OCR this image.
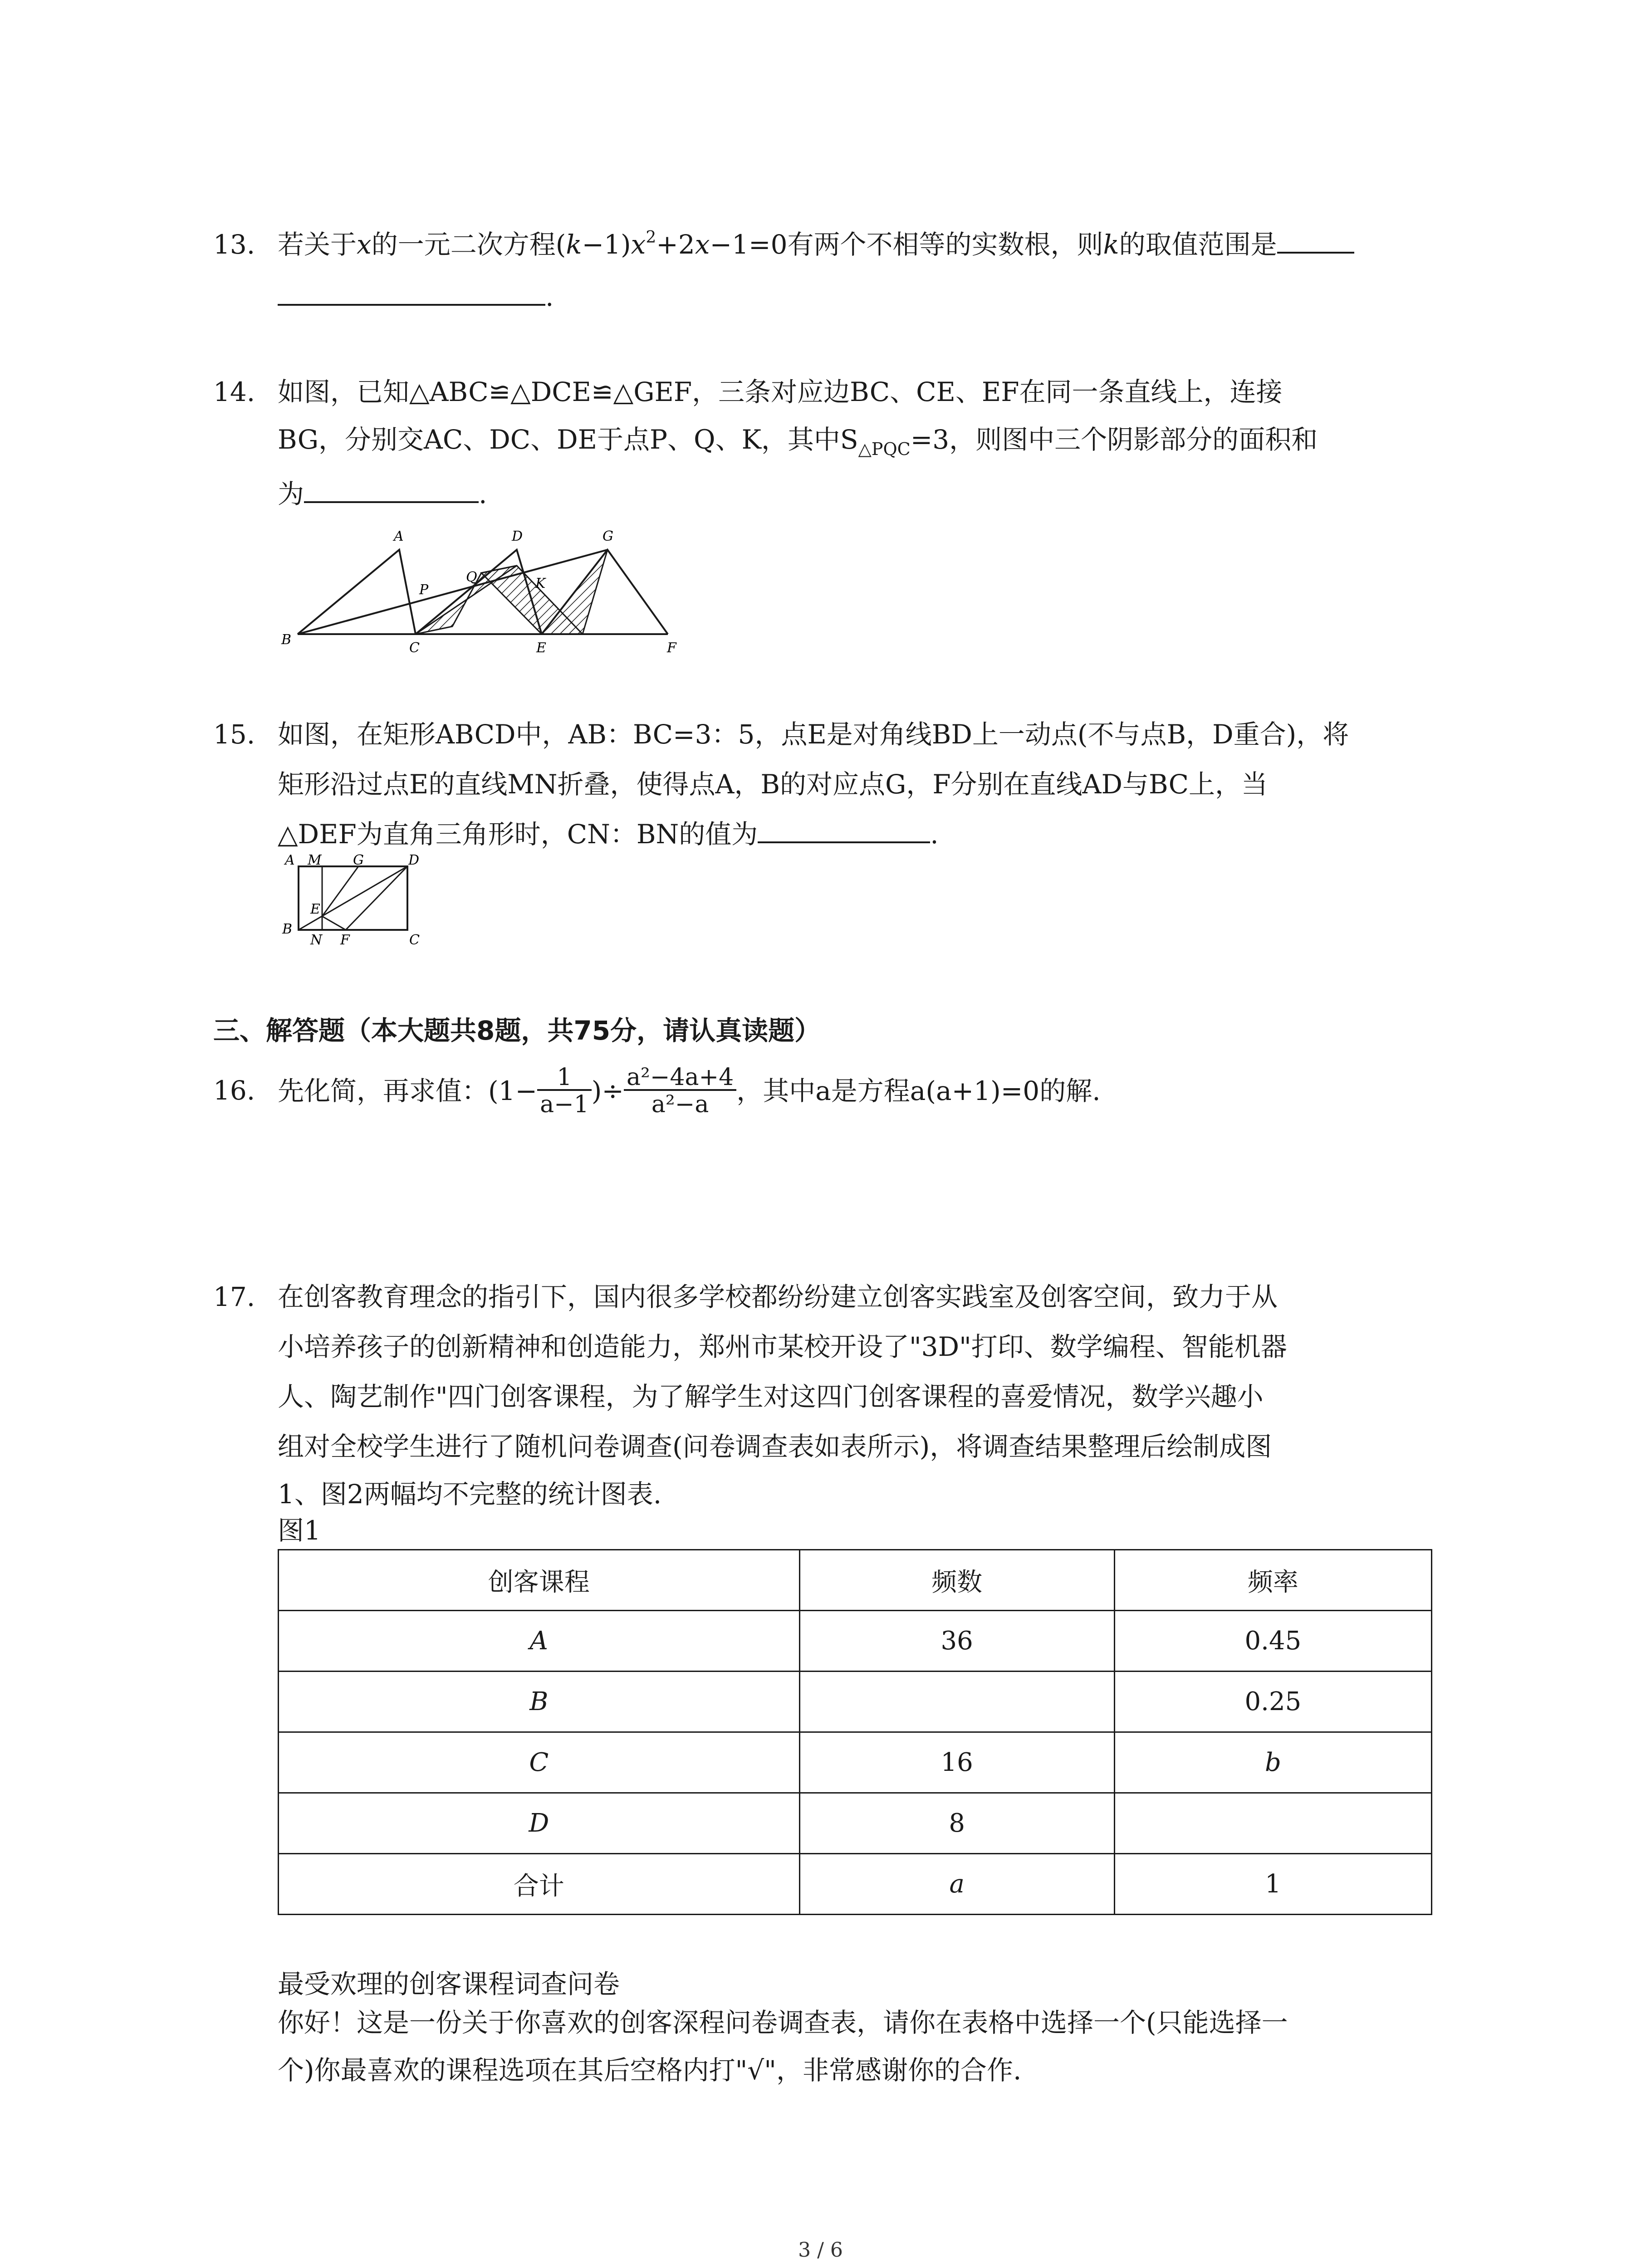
13. 若关于x的一元二次方程$(k-1)x^2+2x-1=0$有两个不相等的实数根，则k的取值范围是
.
14. 如图，已知△ABC≌△DCE≌△GEF，三条对应边BC、CE、EF在同一条直线上，连接
BG，分别交AC、DC、DE于点P、Q、K，其中$S_{\triangle PQC}=3$，则图中三个阴影部分的面积和
为	.
A	D	G
P
Q	K
B
C	E	F
15. 如图，在矩形ABCD中，AB：BC=3：5，点E是对角线BD上一动点(不与点B，D重合)，将
矩形沿过点E的直线MN折叠，使得点A，B的对应点G，F分别在直线AD与BC上，当
△DEF为直角三角形时，CN：BN的值为	.
A M G	D
E
B
N F	C
三、解答题（本大题共8题，共75分，请认真读题）
16. 先化简，再求值：($1- \frac{1}{a-1}$ )÷ $\frac{\text{a²−4a+4}}{\text{a²−a}}$ ，其中a是方程a(a+1)=0的解.
17. 在创客教育理念的指引下，国内很多学校都纷纷建立创客实践室及创客空间，致力于从
小培养孩子的创新精神和创造能力，郑州市某校开设了"3D"打印、数学编程、智能机器
人、陶艺制作"四门创客课程，为了解学生对这四门创客课程的喜爱情况，数学兴趣小
组对全校学生进行了随机问卷调查(问卷调查表如表所示)，将调查结果整理后绘制成图
1、图2两幅均不完整的统计图表.
图1
创客课程	频数	频率
A	36	0.45
B		0.25
C	16	b
D	8	
合计	a	1
最受欢理的创客课程词查问卷
你好！这是一份关于你喜欢的创客深程问卷调查表，请你在表格中选择一个(只能选择一
个)你最喜欢的课程选项在其后空格内打"√"，非常感谢你的合作.
3 / 6
